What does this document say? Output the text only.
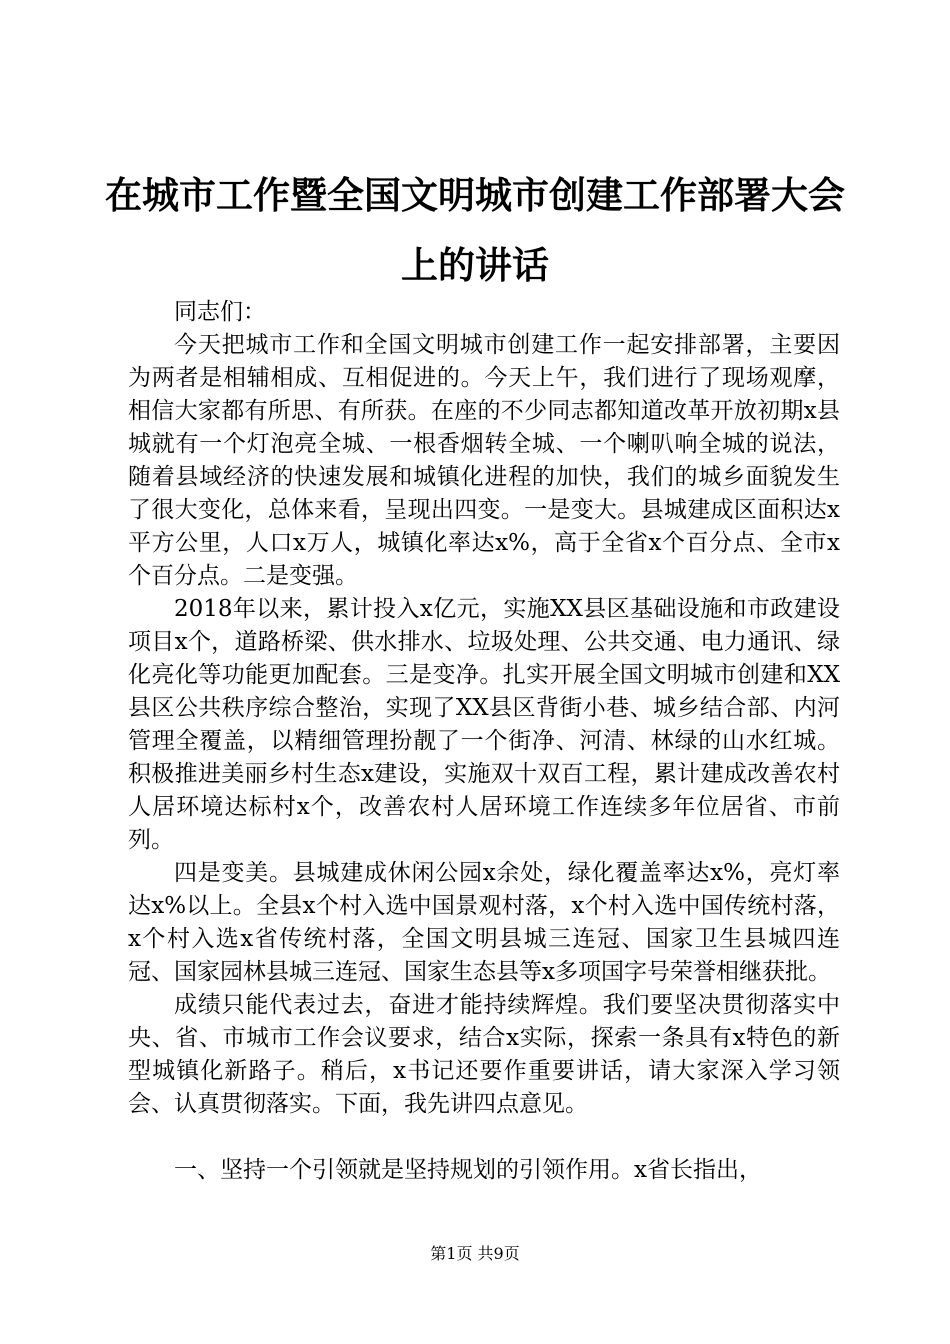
在城市工作暨全国文明城市创建工作部署大会上的讲话

同志们：

今天把城市工作和全国文明城市创建工作一起安排部署，主要因为两者是相辅相成、互相促进的。今天上午，我们进行了现场观摩，相信大家都有所思、有所获。在座的不少同志都知道改革开放初期x县城就有一个灯泡亮全城、一根香烟转全城、一个喇叭响全城的说法，随着县域经济的快速发展和城镇化进程的加快，我们的城乡面貌发生了很大变化，总体来看，呈现出四变。一是变大。县城建成区面积达x平方公里，人口x万人，城镇化率达x%，高于全省x个百分点、全市x个百分点。二是变强。

2018年以来，累计投入x亿元，实施XX县区基础设施和市政建设项目x个，道路桥梁、供水排水、垃圾处理、公共交通、电力通讯、绿化亮化等功能更加配套。三是变净。扎实开展全国文明城市创建和XX县区公共秩序综合整治，实现了XX县区背街小巷、城乡结合部、内河管理全覆盖，以精细管理扮靓了一个街净、河清、林绿的山水红城。积极推进美丽乡村生态x建设，实施双十双百工程，累计建成改善农村人居环境达标村x个，改善农村人居环境工作连续多年位居省、市前列。

四是变美。县城建成休闲公园x余处，绿化覆盖率达x%，亮灯率达x%以上。全县x个村入选中国景观村落，x个村入选中国传统村落，x个村入选x省传统村落，全国文明县城三连冠、国家卫生县城四连冠、国家园林县城三连冠、国家生态县等x多项国字号荣誉相继获批。

成绩只能代表过去，奋进才能持续辉煌。我们要坚决贯彻落实中央、省、市城市工作会议要求，结合x实际，探索一条具有x特色的新型城镇化新路子。稍后，x书记还要作重要讲话，请大家深入学习领会、认真贯彻落实。下面，我先讲四点意见。

一、坚持一个引领就是坚持规划的引领作用。x省长指出，

第1页 共9页
